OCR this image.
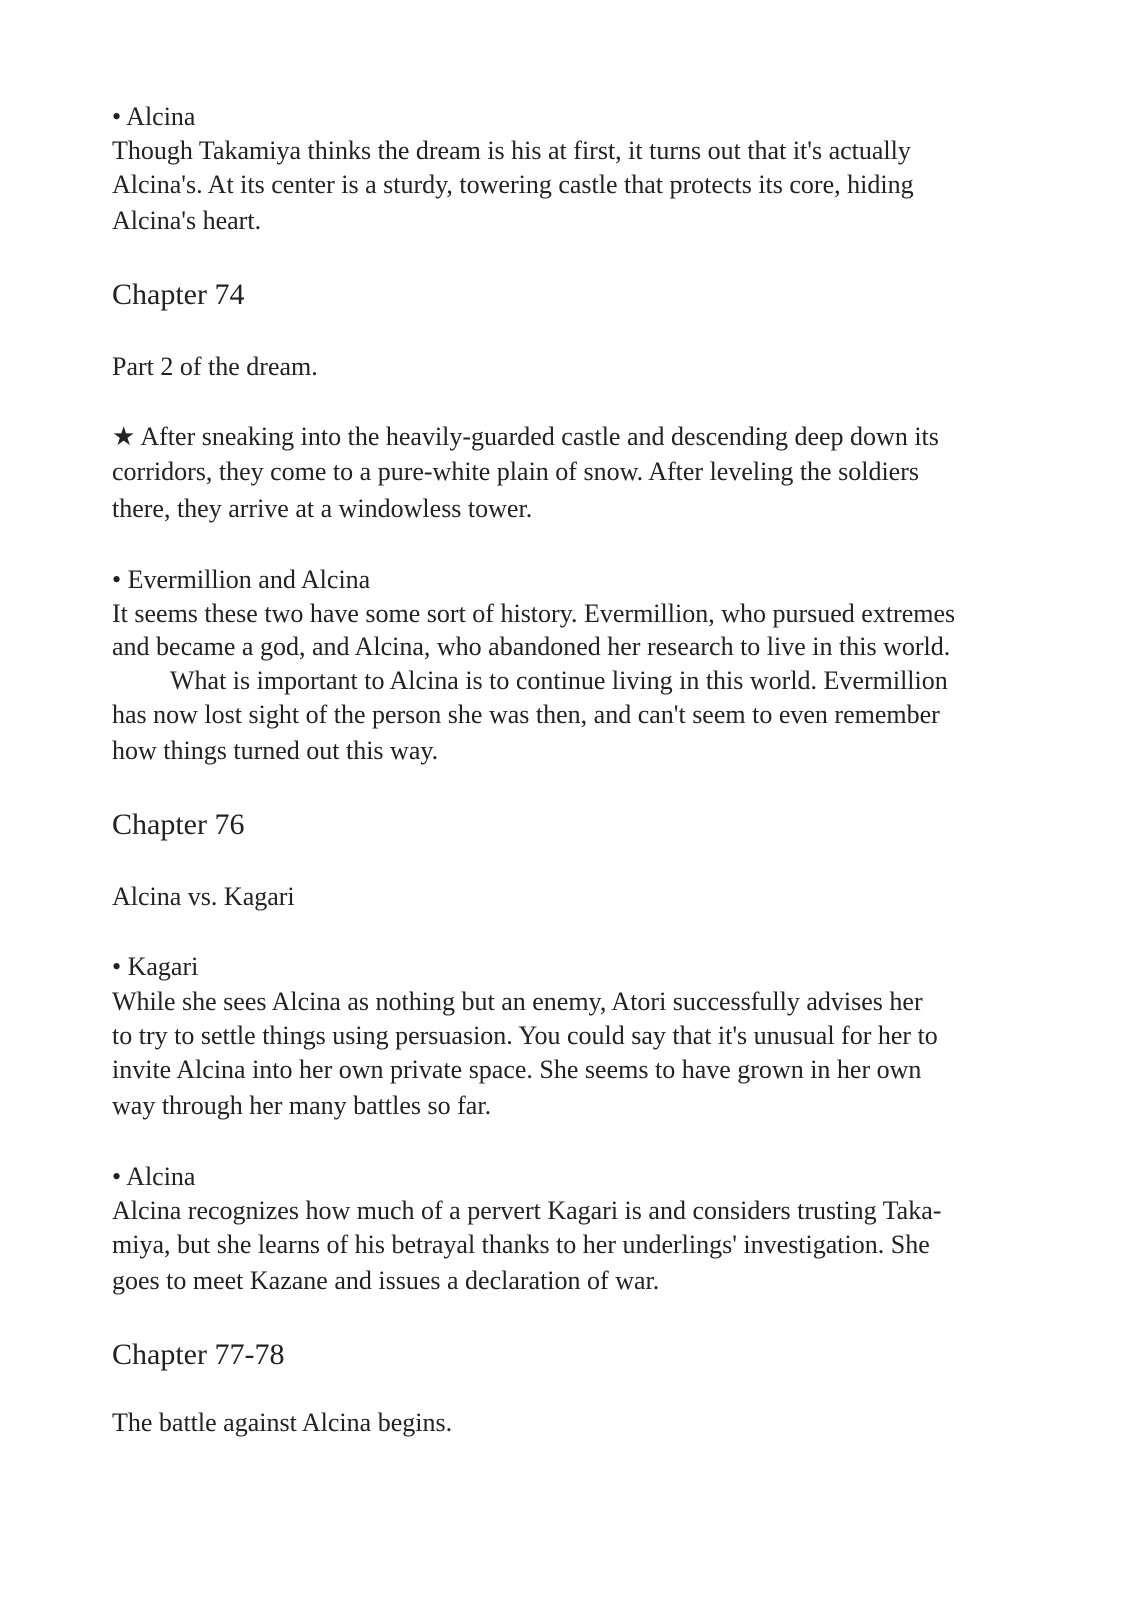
• Alcina

Though Takamiya thinks the dream is his at first, it turns out that it's actually

Alcina's. At its center is a sturdy, towering castle that protects its core, hiding

Alcina's heart.

Chapter 74

Part 2 of the dream.

★ After sneaking into the heavily-guarded castle and descending deep down its

corridors, they come to a pure-white plain of snow. After leveling the soldiers

there, they arrive at a windowless tower.

• Evermillion and Alcina

It seems these two have some sort of history. Evermillion, who pursued extremes

and became a god, and Alcina, who abandoned her research to live in this world.

What is important to Alcina is to continue living in this world. Evermillion

has now lost sight of the person she was then, and can't seem to even remember

how things turned out this way.

Chapter 76

Alcina vs. Kagari

• Kagari

While she sees Alcina as nothing but an enemy, Atori successfully advises her

to try to settle things using persuasion. You could say that it's unusual for her to

invite Alcina into her own private space. She seems to have grown in her own

way through her many battles so far.

• Alcina

Alcina recognizes how much of a pervert Kagari is and considers trusting Taka-

miya, but she learns of his betrayal thanks to her underlings' investigation. She

goes to meet Kazane and issues a declaration of war.

Chapter 77-78

The battle against Alcina begins.
